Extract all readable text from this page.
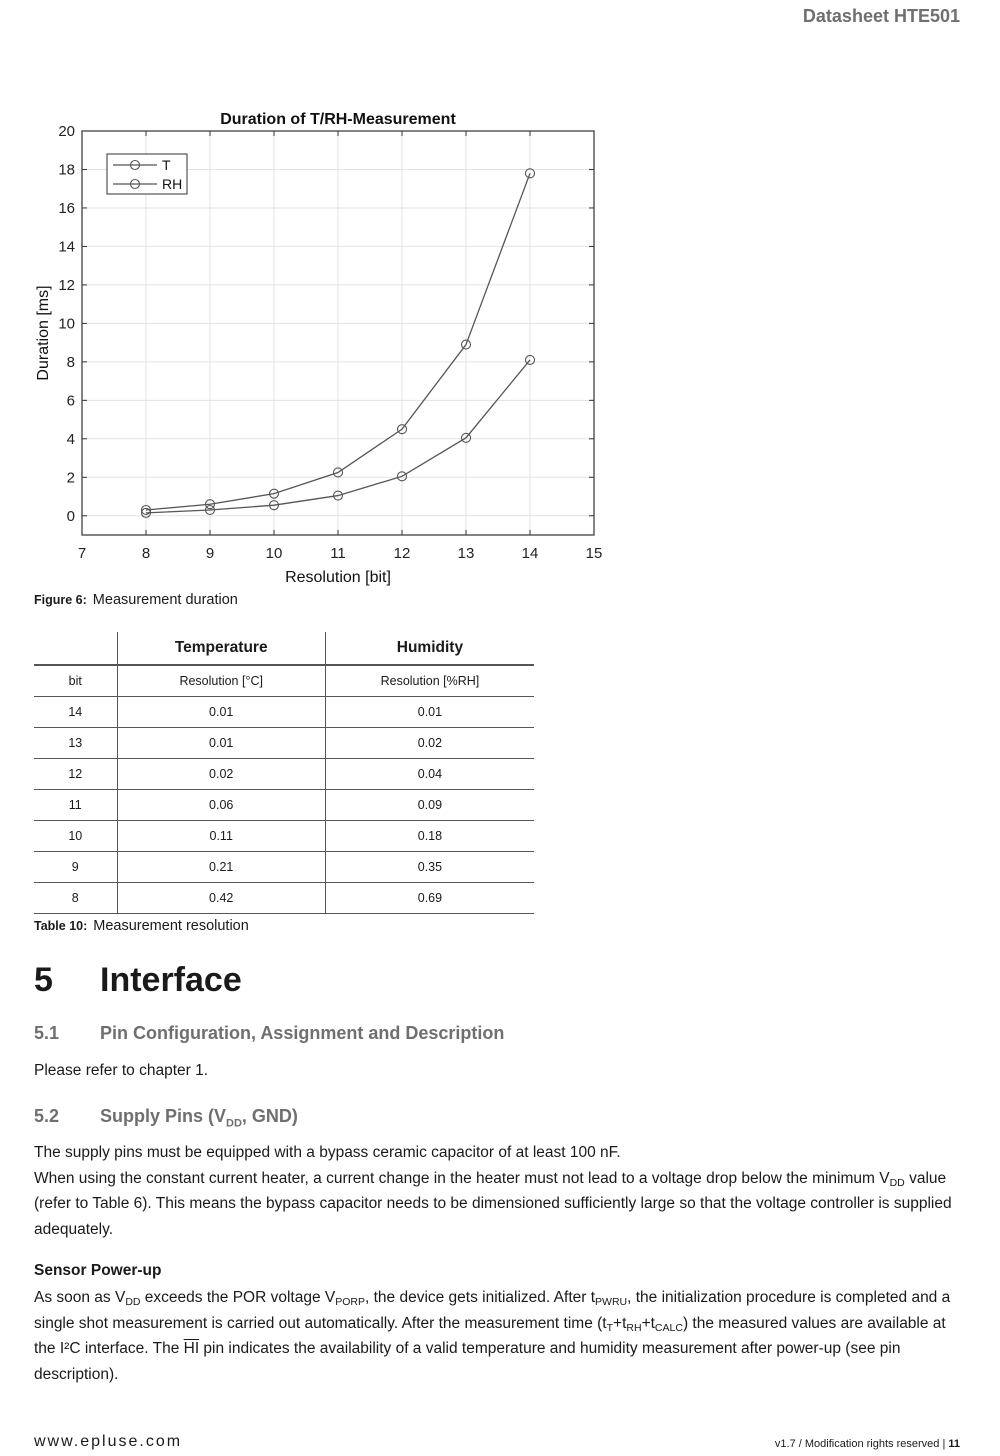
Datasheet HTE501
7	8	9	10	11	12	13	14	15
0
2
4
6
8
10
12
14
16
18
20
Duration of T/RH-Measurement
Resolution [bit]
Duration [ms]
T
RH
Figure 6: Measurement duration
	Temperature	Humidity
bit	Resolution [°C]	Resolution [%RH]
14	0.01	0.01
13	0.01	0.02
12	0.02	0.04
11	0.06	0.09
10	0.11	0.18
9	0.21	0.35
8	0.42	0.69
Table 10: Measurement resolution
5 Interface
5.1 Pin Configuration, Assignment and Description
Please refer to chapter 1.
5.2 Supply Pins ($V_{DD}$, GND)
The supply pins must be equipped with a bypass ceramic capacitor of at least 100 nF.
When using the constant current heater, a current change in the heater must not lead to a voltage drop below the minimum $V_{DD}$ value (refer to Table 6). This means the bypass capacitor needs to be dimensioned sufficiently large so that the voltage controller is supplied adequately.
Sensor Power-up
As soon as $V_{DD}$ exceeds the POR voltage $V_{PORP}$, the device gets initialized. After $t_{PWRU}$, the initialization procedure is completed and a single shot measurement is carried out automatically. After the measurement time $(t_T+t_{RH}+t_{CALC})$ the measured values are available at the I²C interface. The $\overline{HI}$ pin indicates the availability of a valid temperature and humidity measurement after power-up (see pin description).
www.epluse.com	v1.7 / Modification rights reserved | 11
